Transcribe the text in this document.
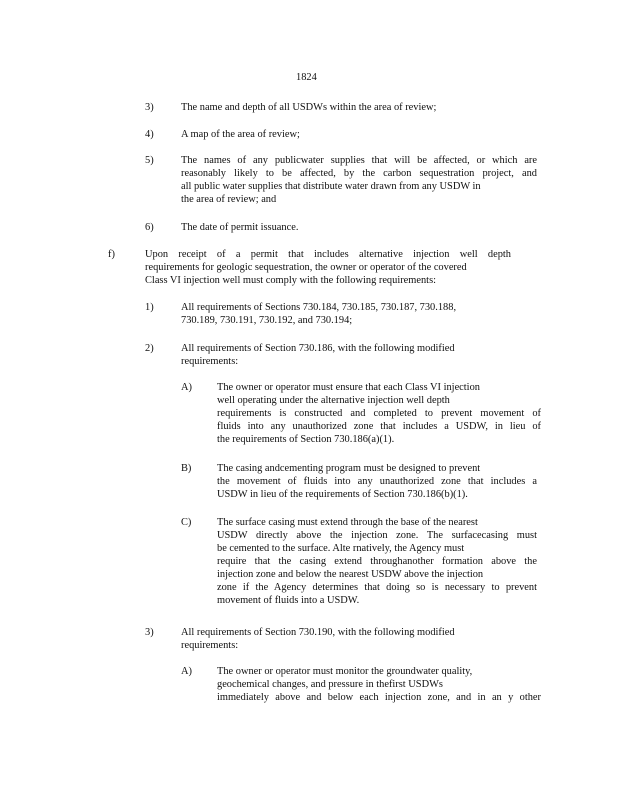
1824
3)	The name and depth of all USDWs within the area of review;
4)	A map of the area of review;
5)	The names of any publicwater supplies that will be affected, or which are
reasonably likely to be affected, by the carbon sequestration project, and
all public water supplies that distribute water drawn from any USDW in
the area of review; and
6)	The date of permit issuance.
f)	Upon receipt of a permit that includes alternative injection well depth
requirements for geologic sequestration, the owner or operator of the covered
Class VI injection well must comply with the following requirements:
1)	All requirements of Sections 730.184, 730.185, 730.187, 730.188,
730.189, 730.191, 730.192, and 730.194;
2)	All requirements of Section 730.186, with the following modified
requirements:
A) The owner or operator must ensure that each Class VI injection
well operating under the alternative injection well depth
requirements is constructed and completed to prevent movement of
fluids into any unauthorized zone that includes a USDW, in lieu of
the requirements of Section 730.186(a)(1).
B) The casing andcementing program must be designed to prevent
the movement of fluids into any unauthorized zone that includes a
USDW in lieu of the requirements of Section 730.186(b)(1).
C) The surface casing must extend through the base of the nearest
USDW directly above the injection zone. The surfacecasing must
be cemented to the surface. Alte rnatively, the Agency must
require that the casing extend throughanother formation above the
injection zone and below the nearest USDW above the injection
zone if the Agency determines that doing so is necessary to prevent
movement of fluids into a USDW.
3)	All requirements of Section 730.190, with the following modified
requirements:
A) The owner or operator must monitor the groundwater quality,
geochemical changes, and pressure in thefirst USDWs
immediately above and below each injection zone, and in an y other
